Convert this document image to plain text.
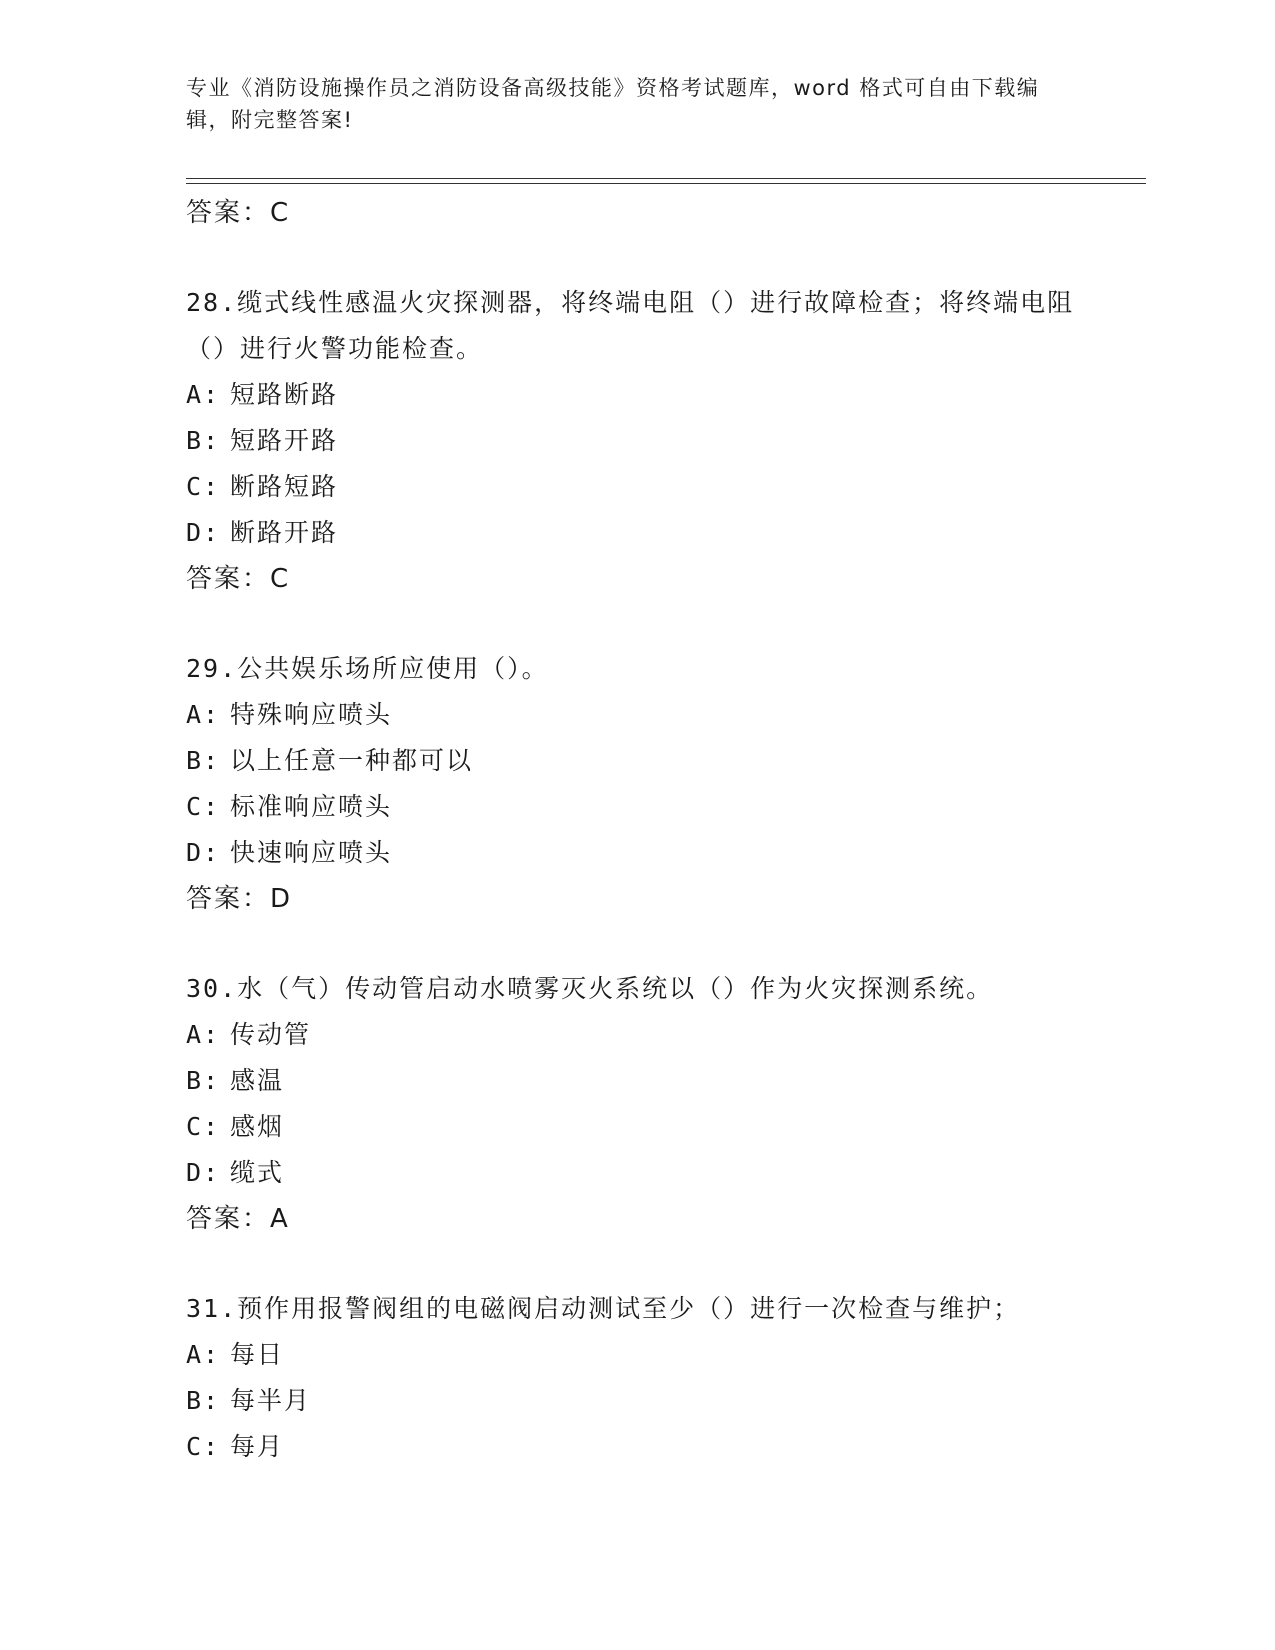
专业《消防设施操作员之消防设备高级技能》资格考试题库，word 格式可自由下载编辑，附完整答案!
答案：C
28.缆式线性感温火灾探测器，将终端电阻（）进行故障检查；将终端电阻（）进行火警功能检查。
A: 短路断路
B: 短路开路
C: 断路短路
D: 断路开路
答案：C
29.公共娱乐场所应使用（）。
A: 特殊响应喷头
B: 以上任意一种都可以
C: 标准响应喷头
D: 快速响应喷头
答案：D
30.水（气）传动管启动水喷雾灭火系统以（）作为火灾探测系统。
A: 传动管
B: 感温
C: 感烟
D: 缆式
答案：A
31.预作用报警阀组的电磁阀启动测试至少（）进行一次检查与维护；
A: 每日
B: 每半月
C: 每月
